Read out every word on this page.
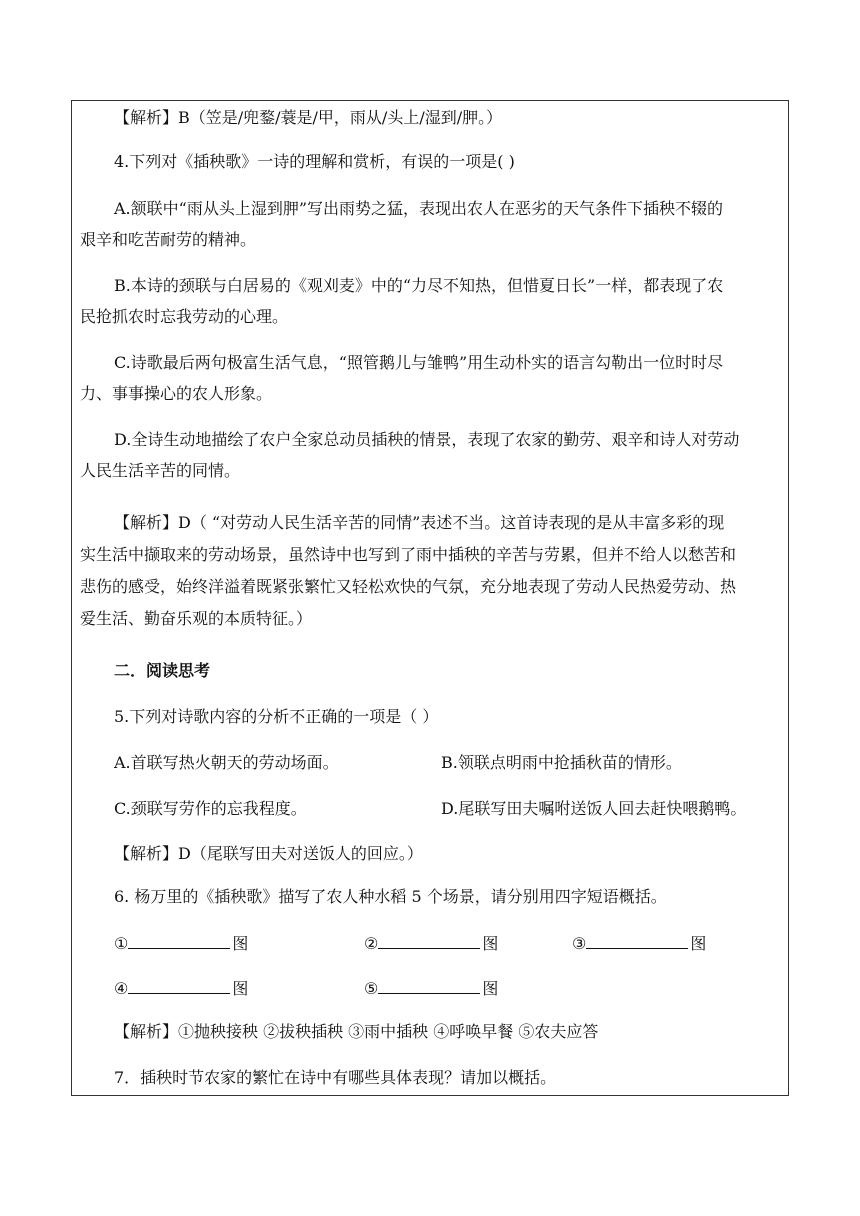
【解析】B（笠是/兜鍪/蓑是/甲，雨从/头上/湿到/胛。）
4.下列对《插秧歌》一诗的理解和赏析，有误的一项是( )
A.颔联中“雨从头上湿到胛”写出雨势之猛，表现出农人在恶劣的天气条件下插秧不辍的
艰辛和吃苦耐劳的精神。
B.本诗的颈联与白居易的《观刈麦》中的“力尽不知热，但惜夏日长”一样，都表现了农
民抢抓农时忘我劳动的心理。
C.诗歌最后两句极富生活气息，“照管鹅儿与雏鸭”用生动朴实的语言勾勒出一位时时尽
力、事事操心的农人形象。
D.全诗生动地描绘了农户全家总动员插秧的情景，表现了农家的勤劳、艰辛和诗人对劳动
人民生活辛苦的同情。
【解析】D（ “对劳动人民生活辛苦的同情”表述不当。这首诗表现的是从丰富多彩的现
实生活中撷取来的劳动场景，虽然诗中也写到了雨中插秧的辛苦与劳累，但并不给人以愁苦和
悲伤的感受，始终洋溢着既紧张繁忙又轻松欢快的气氛，充分地表现了劳动人民热爱劳动、热
爱生活、勤奋乐观的本质特征。）
二．阅读思考
5.下列对诗歌内容的分析不正确的一项是（ ）
A.首联写热火朝天的劳动场面。	B.领联点明雨中抢插秋苗的情形。
C.颈联写劳作的忘我程度。	D.尾联写田夫嘱咐送饭人回去赶快喂鹅鸭。
【解析】D（尾联写田夫对送饭人的回应。）
6. 杨万里的《插秧歌》描写了农人种水稻 5 个场景，请分别用四字短语概括。
①	图	②	图	③	图
④	图	⑤	图
【解析】①抛秧接秧 ②拔秧插秧 ③雨中插秧 ④呼唤早餐 ⑤农夫应答
7．插秧时节农家的繁忙在诗中有哪些具体表现？请加以概括。
